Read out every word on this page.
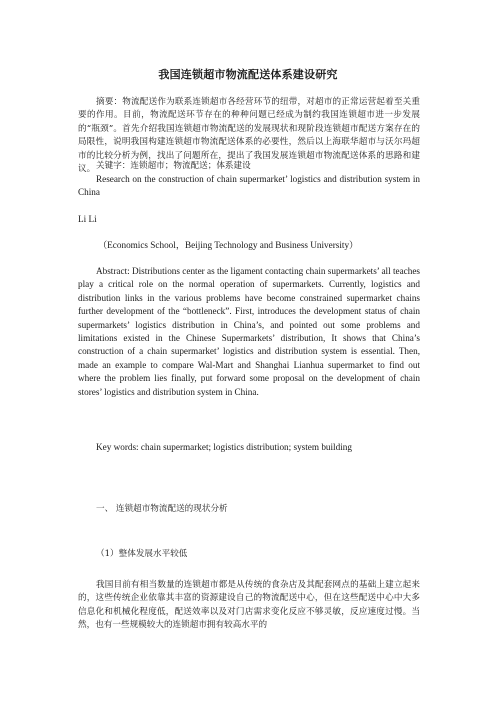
我国连锁超市物流配送体系建设研究
摘要：物流配送作为联系连锁超市各经营环节的纽带，对超市的正常运营起着至关重要的作用。目前，物流配送环节存在的种种问题已经成为制约我国连锁超市进一步发展的“瓶颈”。首先介绍我国连锁超市物流配送的发展现状和现阶段连锁超市配送方案存在的局限性，说明我国构建连锁超市物流配送体系的必要性，然后以上海联华超市与沃尔玛超市的比较分析为例，找出了问题所在，提出了我国发展连锁超市物流配送体系的思路和建议。 关键字：连锁超市；物流配送；体系建设
Research on the construction of chain supermarket’ logistics and distribution system in China
Li Li
（Economics School，Beijing Technology and Business University）
Abstract: Distributions center as the ligament contacting chain supermarkets’ all teaches play a critical role on the normal operation of supermarkets. Currently, logistics and distribution links in the various problems have become constrained supermarket chains further development of the “bottleneck”. First, introduces the development status of chain supermarkets’ logistics distribution in China’s, and pointed out some problems and limitations existed in the Chinese Supermarkets’ distribution, It shows that China’s construction of a chain supermarket’ logistics and distribution system is essential. Then, made an example to compare Wal-Mart and Shanghai Lianhua supermarket to find out where the problem lies finally, put forward some proposal on the development of chain stores’ logistics and distribution system in China.
Key words: chain supermarket; logistics distribution; system building
一、 连锁超市物流配送的现状分析
（1）整体发展水平较低
我国目前有相当数量的连锁超市都是从传统的食杂店及其配套网点的基础上建立起来的，这些传统企业依靠其丰富的资源建设自己的物流配送中心，但在这些配送中心中大多信息化和机械化程度低，配送效率以及对门店需求变化反应不够灵敏，反应速度过慢。当然，也有一些规模较大的连锁超市拥有较高水平的
